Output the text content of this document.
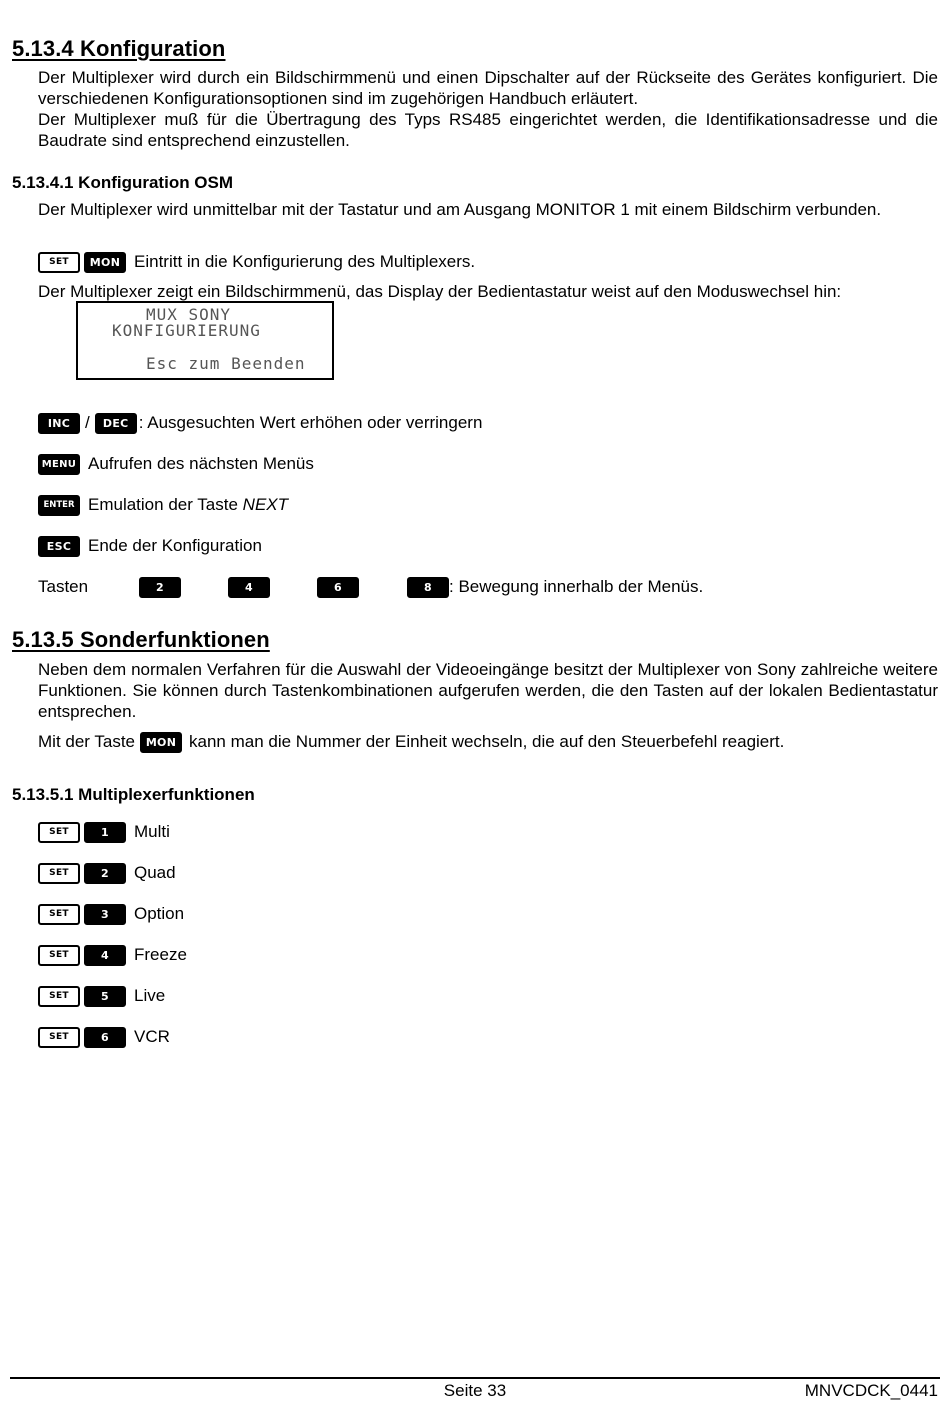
5.13.4 Konfiguration

Der Multiplexer wird durch ein Bildschirmmenü und einen Dipschalter auf der Rückseite des Gerätes konfiguriert. Die verschiedenen Konfigurationsoptionen sind im zugehörigen Handbuch erläutert.

Der Multiplexer muß für die Übertragung des Typs RS485 eingerichtet werden, die Identifikationsadresse und die Baudrate sind entsprechend einzustellen.

5.13.4.1 Konfiguration OSM

Der Multiplexer wird unmittelbar mit der Tastatur und am Ausgang MONITOR 1 mit einem Bildschirm verbunden.

SET	MON Eintritt in die Konfigurierung des Multiplexers.

Der Multiplexer zeigt ein Bildschirmmenü, das Display der Bedientastatur weist auf den Moduswechsel hin:

MUX SONY
KONFIGURIERUNG
Esc zum Beenden
INC /	DEC : Ausgesuchten Wert erhöhen oder verringern
MENU Aufrufen des nächsten Menüs
ENTER Emulation der Taste NEXT
ESC Ende der Konfiguration
Tasten	2	4	6	8	: Bewegung innerhalb der Menüs.
5.13.5 Sonderfunktionen

Neben dem normalen Verfahren für die Auswahl der Videoeingänge besitzt der Multiplexer von Sony zahlreiche weitere Funktionen. Sie können durch Tastenkombinationen aufgerufen werden, die den Tasten auf der lokalen Bedientastatur entsprechen.

Mit der Taste MON kann man die Nummer der Einheit wechseln, die auf den Steuerbefehl reagiert.
5.13.5.1 Multiplexerfunktionen
SET	1	Multi
SET	2	Quad
SET	3	Option
SET	4	Freeze
SET	5	Live
SET	6	VCR
Seite 33	MNVCDCK_0441
